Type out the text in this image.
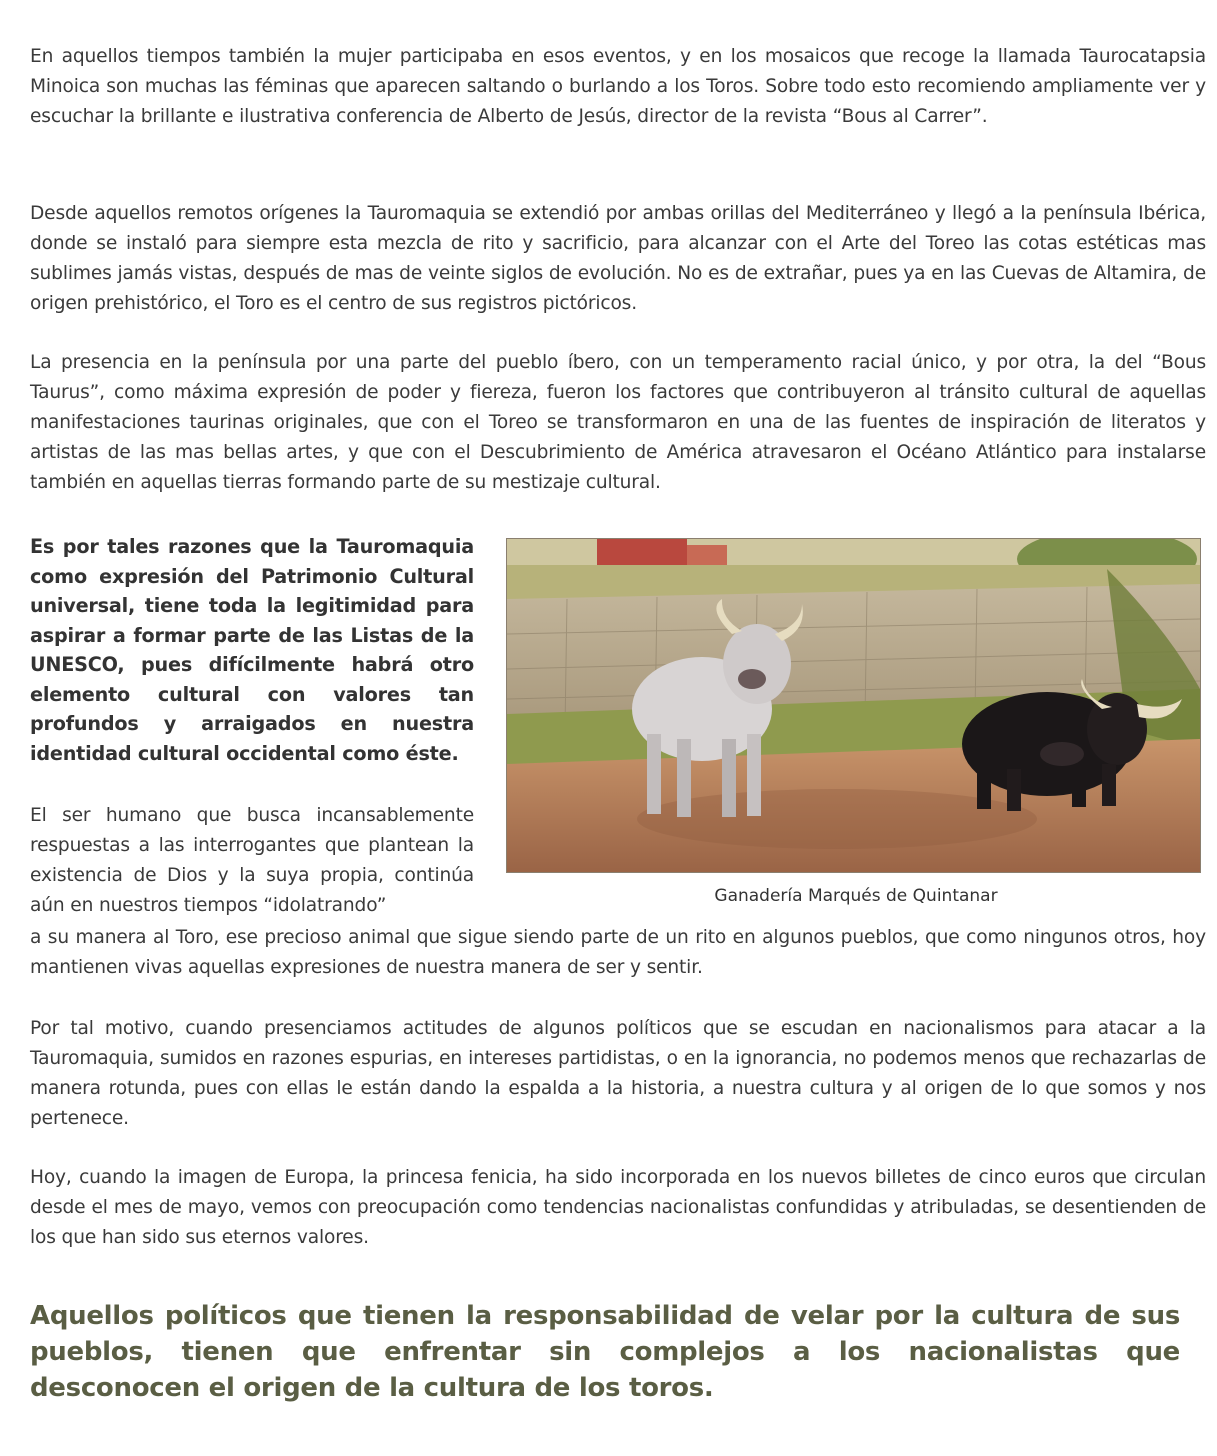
En aquellos tiempos también la mujer participaba en esos eventos, y en los mosaicos que recoge la llamada Taurocatapsia Minoica son muchas las féminas que aparecen saltando o burlando a los Toros. Sobre todo esto recomiendo ampliamente ver y escuchar la brillante e ilustrativa conferencia de Alberto de Jesús, director de la revista “Bous al Carrer”.

Desde aquellos remotos orígenes la Tauromaquia se extendió por ambas orillas del Mediterráneo y llegó a la península Ibérica, donde se instaló para siempre esta mezcla de rito y sacrificio, para alcanzar con el Arte del Toreo las cotas estéticas mas sublimes jamás vistas, después de mas de veinte siglos de evolución. No es de extrañar, pues ya en las Cuevas de Altamira, de origen prehistórico, el Toro es el centro de sus registros pictóricos.

La presencia en la península por una parte del pueblo íbero, con un temperamento racial único, y por otra, la del “Bous Taurus”, como máxima expresión de poder y fiereza, fueron los factores que contribuyeron al tránsito cultural de aquellas manifestaciones taurinas originales, que con el Toreo se transformaron en una de las fuentes de inspiración de literatos y artistas de las mas bellas artes, y que con el Descubrimiento de América atravesaron el Océano Atlántico para instalarse también en aquellas tierras formando parte de su mestizaje cultural.

Es por tales razones que la Tauromaquia como expresión del Patrimonio Cultural universal, tiene toda la legitimidad para aspirar a formar parte de las Listas de la UNESCO, pues difícilmente habrá otro elemento cultural con valores tan profundos y arraigados en nuestra identidad cultural occidental como éste.

Ganadería Marqués de Quintanar

El ser humano que busca incansablemente respuestas a las interrogantes que plantean la existencia de Dios y la suya propia, continúa aún en nuestros tiempos “idolatrando”

a su manera al Toro, ese precioso animal que sigue siendo parte de un rito en algunos pueblos, que como ningunos otros, hoy mantienen vivas aquellas expresiones de nuestra manera de ser y sentir.

Por tal motivo, cuando presenciamos actitudes de algunos políticos que se escudan en nacionalismos para atacar a la Tauromaquia, sumidos en razones espurias, en intereses partidistas, o en la ignorancia, no podemos menos que rechazarlas de manera rotunda, pues con ellas le están dando la espalda a la historia, a nuestra cultura y al origen de lo que somos y nos pertenece.

Hoy, cuando la imagen de Europa, la princesa fenicia, ha sido incorporada en los nuevos billetes de cinco euros que circulan desde el mes de mayo, vemos con preocupación como tendencias nacionalistas confundidas y atribuladas, se desentienden de los que han sido sus eternos valores.

Aquellos políticos que tienen la responsabilidad de velar por la cultura de sus pueblos, tienen que enfrentar sin complejos a los nacionalistas que desconocen el origen de la cultura de los toros.
